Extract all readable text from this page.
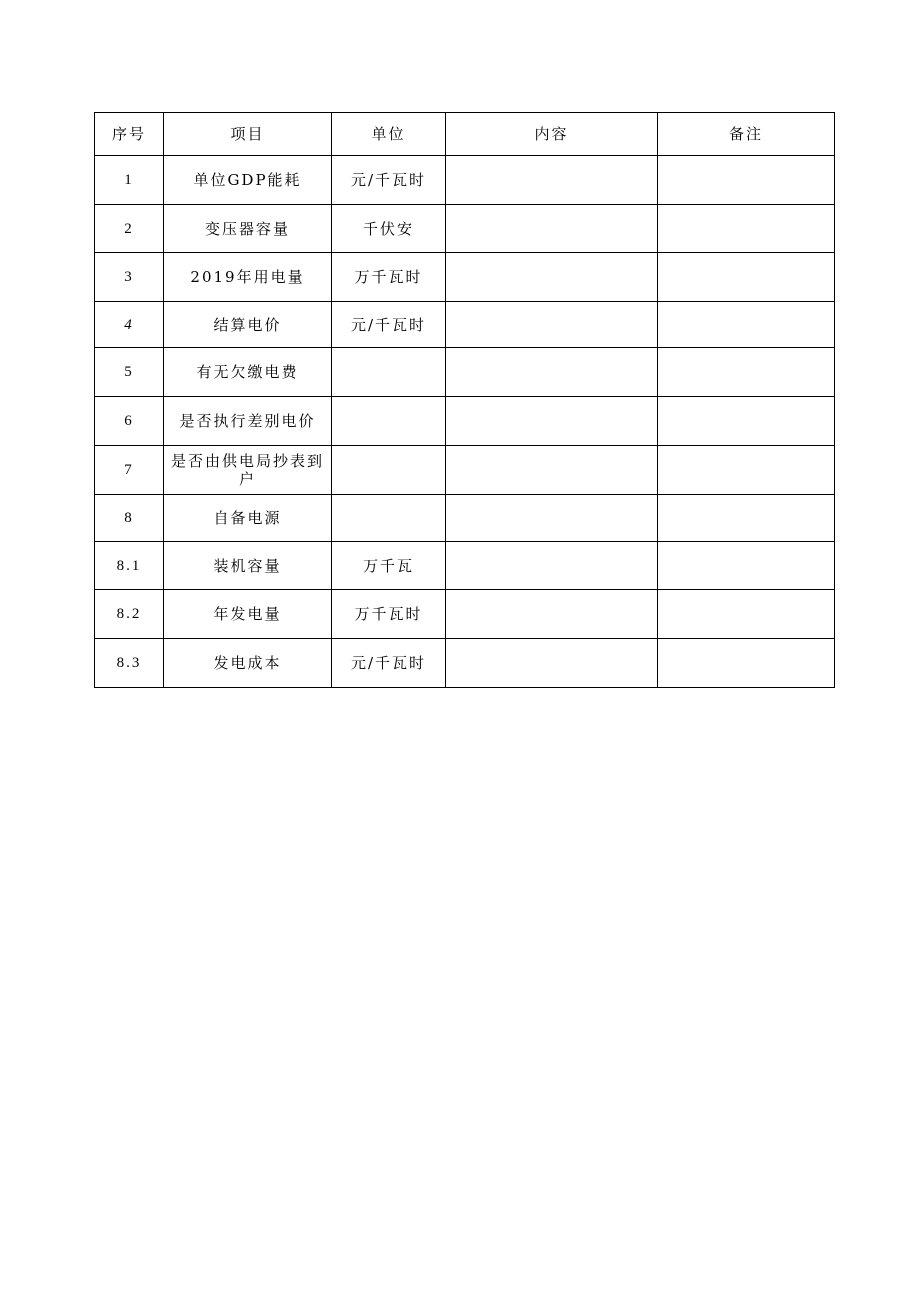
序号	项目	单位	内容	备注
1	单位GDP能耗	元/千瓦时		
2	变压器容量	千伏安		
3	2019年用电量	万千瓦时		
4	结算电价	元/千瓦时		
5	有无欠缴电费			
6	是否执行差别电价			
7	是否由供电局抄表到户			
8	自备电源			
8.1	装机容量	万千瓦		
8.2	年发电量	万千瓦时		
8.3	发电成本	元/千瓦时		
